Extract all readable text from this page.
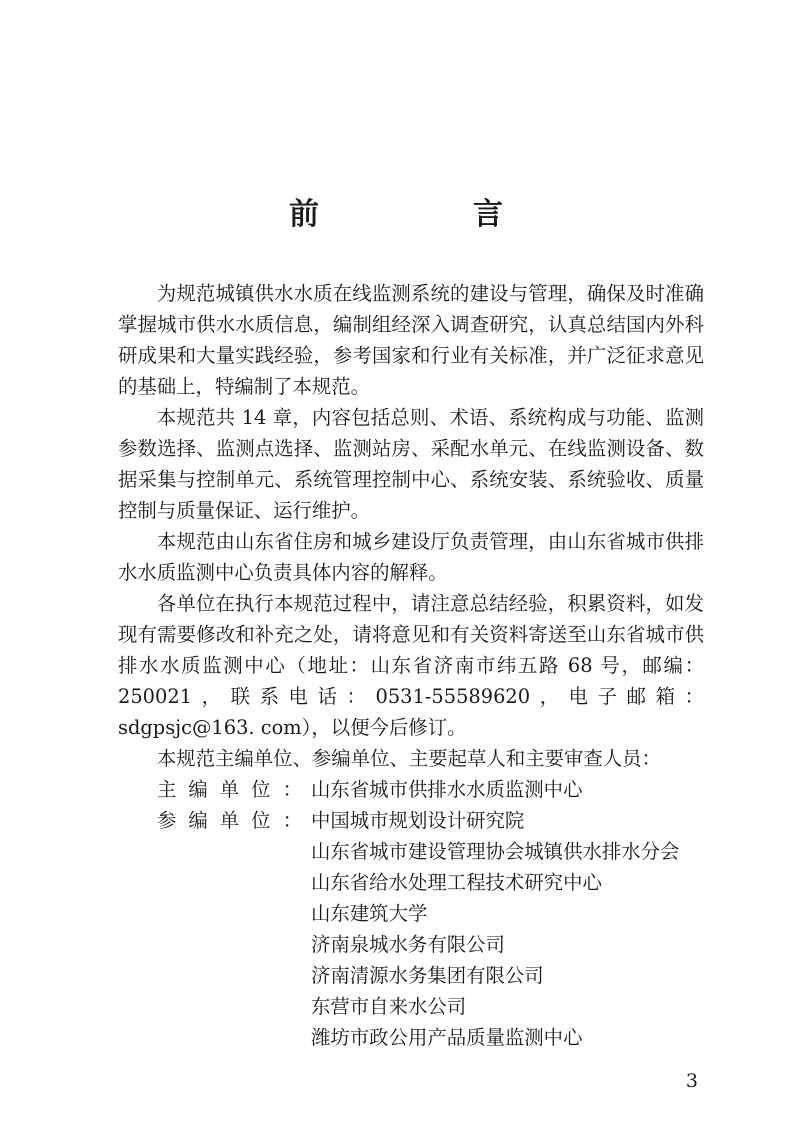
前　言

为规范城镇供水水质在线监测系统的建设与管理，确保及时准确掌握城市供水水质信息，编制组经深入调查研究，认真总结国内外科研成果和大量实践经验，参考国家和行业有关标准，并广泛征求意见的基础上，特编制了本规范。

本规范共 14 章，内容包括总则、术语、系统构成与功能、监测参数选择、监测点选择、监测站房、采配水单元、在线监测设备、数据采集与控制单元、系统管理控制中心、系统安装、系统验收、质量控制与质量保证、运行维护。

本规范由山东省住房和城乡建设厅负责管理，由山东省城市供排水水质监测中心负责具体内容的解释。

各单位在执行本规范过程中，请注意总结经验，积累资料，如发现有需要修改和补充之处，请将意见和有关资料寄送至山东省城市供排水水质监测中心（地址：山东省济南市纬五路 68 号，邮编：250021，联系电话：0531-55589620，电子邮箱：sdgpsjc@163. com），以便今后修订。

本规范主编单位、参编单位、主要起草人和主要审查人员：

主编单位： 山东省城市供排水水质监测中心
参编单位： 中国城市规划设计研究院
山东省城市建设管理协会城镇供水排水分会
山东省给水处理工程技术研究中心
山东建筑大学
济南泉城水务有限公司
济南清源水务集团有限公司
东营市自来水公司
潍坊市政公用产品质量监测中心
3
